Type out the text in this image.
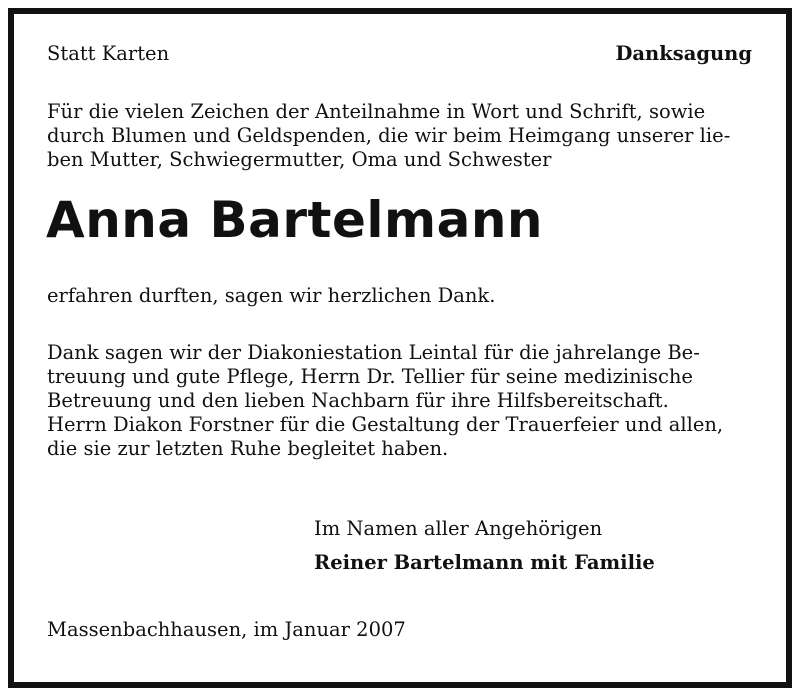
Statt Karten	Danksagung

Für die vielen Zeichen der Anteilnahme in Wort und Schrift, sowie
durch Blumen und Geldspenden, die wir beim Heimgang unserer lie-
ben Mutter, Schwiegermutter, Oma und Schwester

Anna Bartelmann

erfahren durften, sagen wir herzlichen Dank.

Dank sagen wir der Diakoniestation Leintal für die jahrelange Be-
treuung und gute Pflege, Herrn Dr. Tellier für seine medizinische
Betreuung und den lieben Nachbarn für ihre Hilfsbereitschaft.
Herrn Diakon Forstner für die Gestaltung der Trauerfeier und allen,
die sie zur letzten Ruhe begleitet haben.

Im Namen aller Angehörigen

Reiner Bartelmann mit Familie

Massenbachhausen, im Januar 2007
